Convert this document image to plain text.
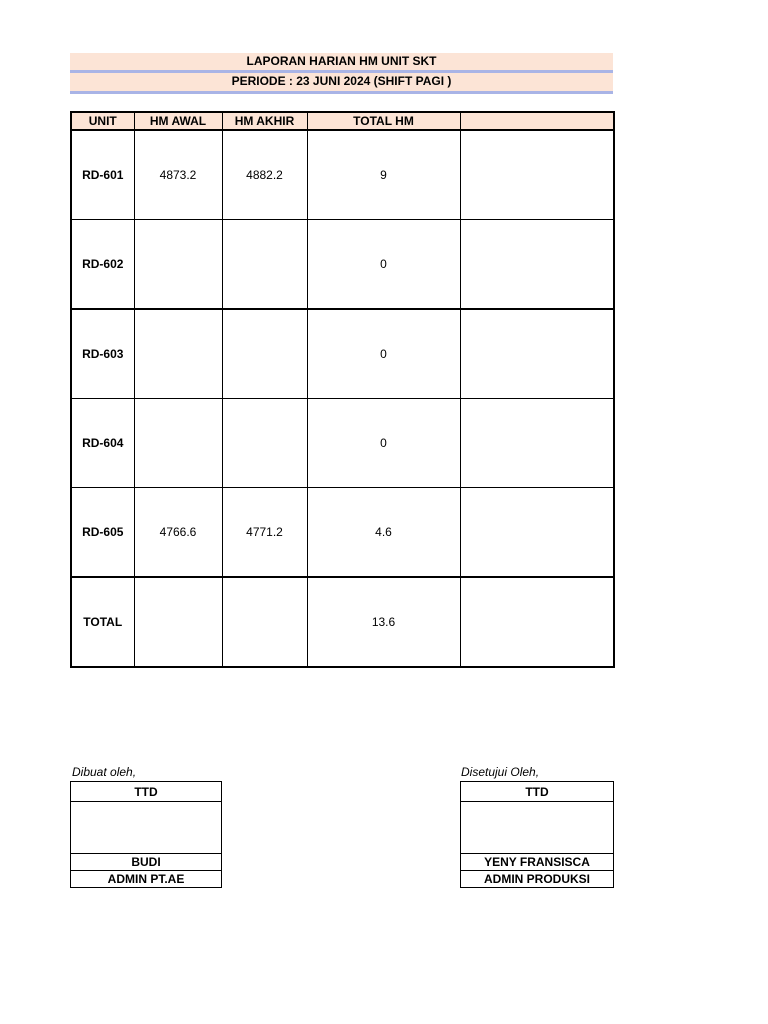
LAPORAN HARIAN HM UNIT SKT
PERIODE : 23 JUNI 2024 (SHIFT PAGI )
UNIT	HM AWAL	HM AKHIR	TOTAL HM	
RD-601	4873.2	4882.2	9	
RD-602			0	
RD-603			0	
RD-604			0	
RD-605	4766.6	4771.2	4.6	
TOTAL			13.6	
Dibuat oleh,
TTD

BUDI
ADMIN PT.AE
Disetujui Oleh,
TTD

YENY FRANSISCA
ADMIN PRODUKSI
